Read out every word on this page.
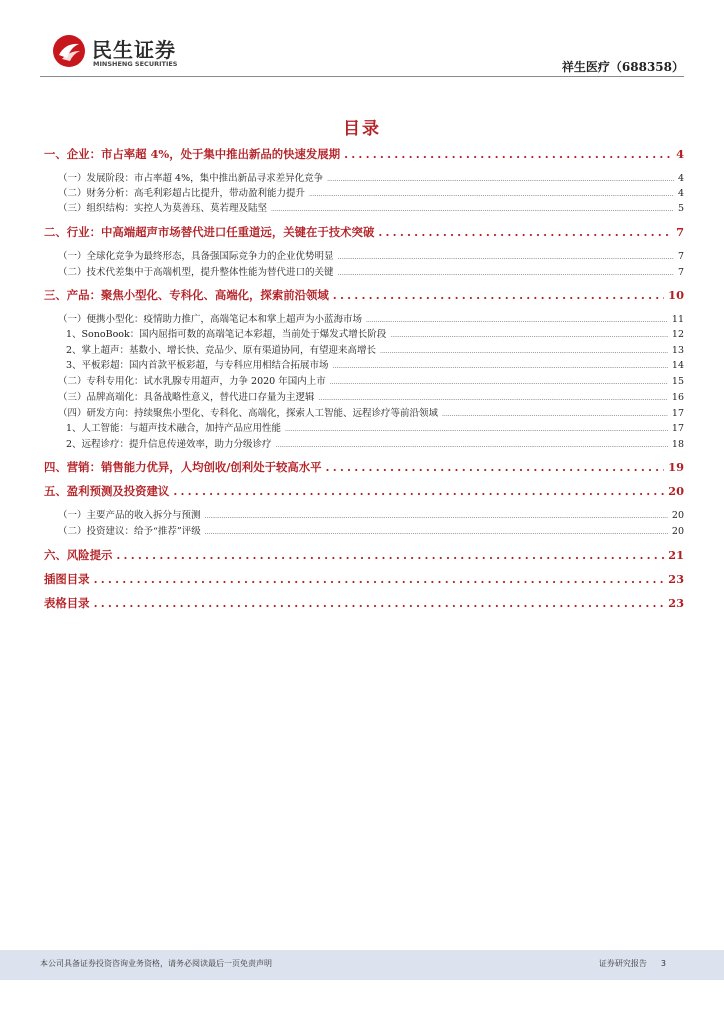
民生证券
MINSHENG SECURITIES	祥生医疗（688358）
目录
一、企业：市占率超 4%，处于集中推出新品的快速发展期 .....	4
（一）发展阶段：市占率超 4%，集中推出新品寻求差异化竞争 .....	4
（二）财务分析：高毛利彩超占比提升，带动盈利能力提升 .....	4
（三）组织结构：实控人为莫善珏、莫若理及陆坚 .....	5
二、行业：中高端超声市场替代进口任重道远，关键在于技术突破 .....	7
（一）全球化竞争为最终形态，具备强国际竞争力的企业优势明显 .....	7
（二）技术代差集中于高端机型，提升整体性能为替代进口的关键 .....	7
三、产品：聚焦小型化、专科化、高端化，探索前沿领域 .....	10
（一）便携小型化：疫情助力推广，高端笔记本和掌上超声为小蓝海市场 .....	11
1、SonoBook：国内屈指可数的高端笔记本彩超，当前处于爆发式增长阶段 .....	12
2、掌上超声：基数小、增长快、竞品少、原有渠道协同，有望迎来高增长 .....	13
3、平板彩超：国内首款平板彩超，与专科应用相结合拓展市场 .....	14
（二）专科专用化：试水乳腺专用超声，力争 2020 年国内上市 .....	15
（三）品牌高端化：具备战略性意义，替代进口存量为主逻辑 .....	16
（四）研发方向：持续聚焦小型化、专科化、高端化，探索人工智能、远程诊疗等前沿领域 .....	17
1、人工智能：与超声技术融合，加持产品应用性能 .....	17
2、远程诊疗：提升信息传递效率，助力分级诊疗 .....	18
四、营销：销售能力优异，人均创收/创利处于较高水平 .....	19
五、盈利预测及投资建议 .....	20
（一）主要产品的收入拆分与预测 .....	20
（二）投资建议：给予“推荐”评级 .....	20
六、风险提示 .....	21
插图目录 .....	23
表格目录 .....	23
本公司具备证券投资咨询业务资格，请务必阅读最后一页免责声明	证券研究报告 3
